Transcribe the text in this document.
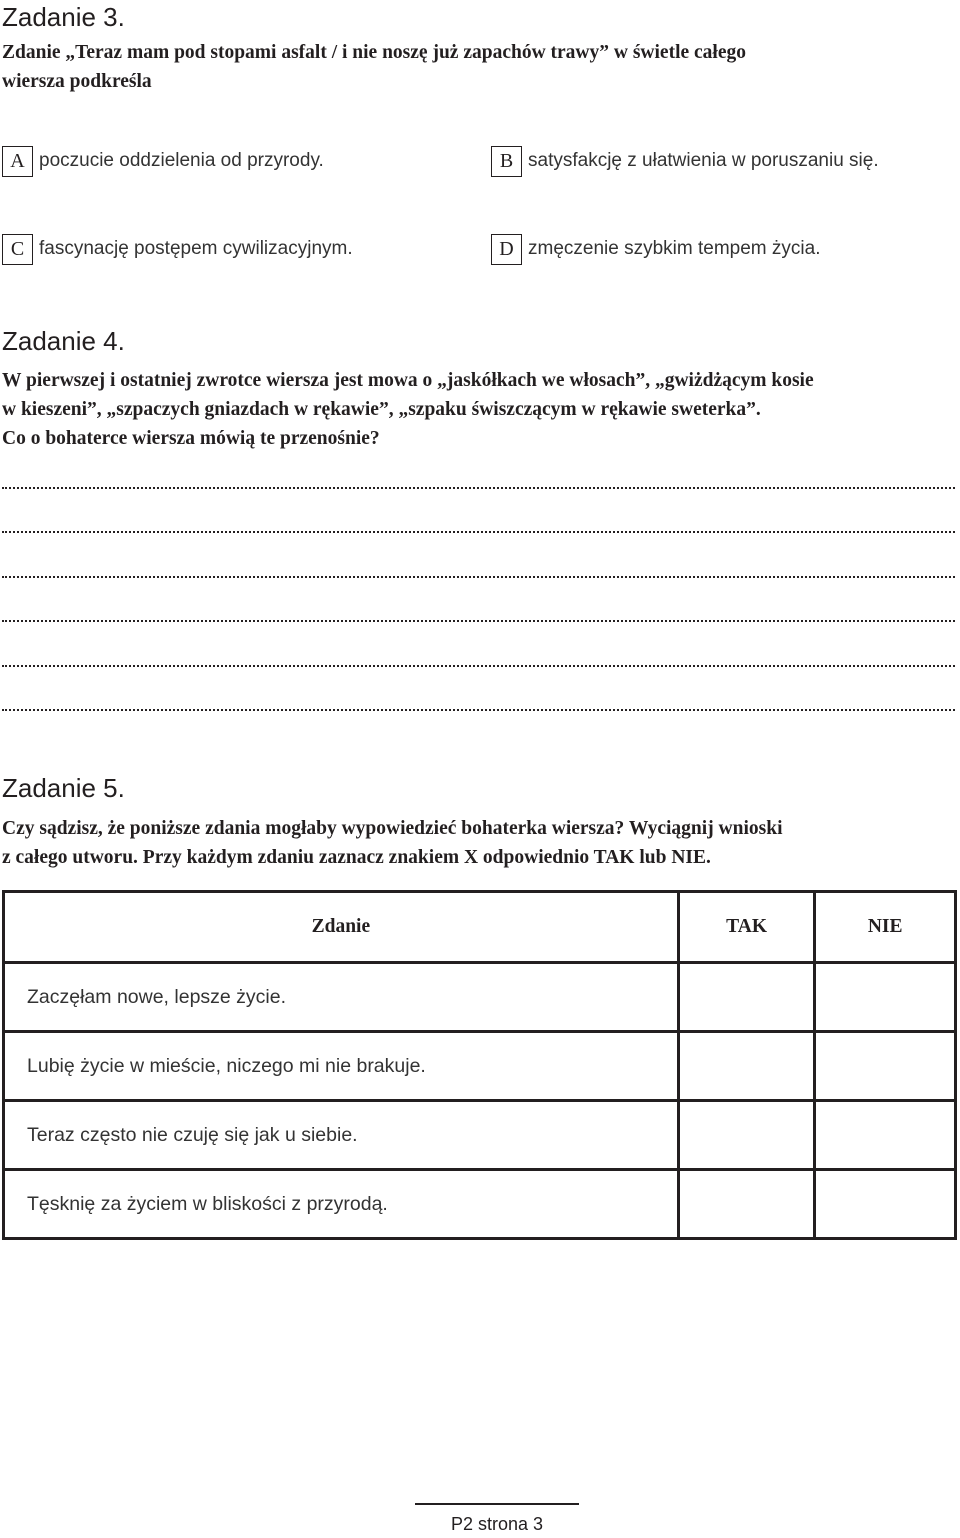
Zadanie 3.
Zdanie „Teraz mam pod stopami asfalt / i nie noszę już zapachów trawy” w świetle całego
wiersza podkreśla
A poczucie oddzielenia od przyrody.	B satysfakcję z ułatwienia w poruszaniu się.
C fascynację postępem cywilizacyjnym.	D zmęczenie szybkim tempem życia.
Zadanie 4.
W pierwszej i ostatniej zwrotce wiersza jest mowa o „jaskółkach we włosach”, „gwiżdżącym kosie
w kieszeni”, „szpaczych gniazdach w rękawie”, „szpaku świszczącym w rękawie sweterka”.
Co o bohaterce wiersza mówią te przenośnie?
Zadanie 5.
Czy sądzisz, że poniższe zdania mogłaby wypowiedzieć bohaterka wiersza? Wyciągnij wnioski
z całego utworu. Przy każdym zdaniu zaznacz znakiem X odpowiednio TAK lub NIE.
Zdanie	TAK	NIE
Zaczęłam nowe, lepsze życie.		
Lubię życie w mieście, niczego mi nie brakuje.		
Teraz często nie czuję się jak u siebie.		
Tęsknię za życiem w bliskości z przyrodą.		
P2 strona 3
